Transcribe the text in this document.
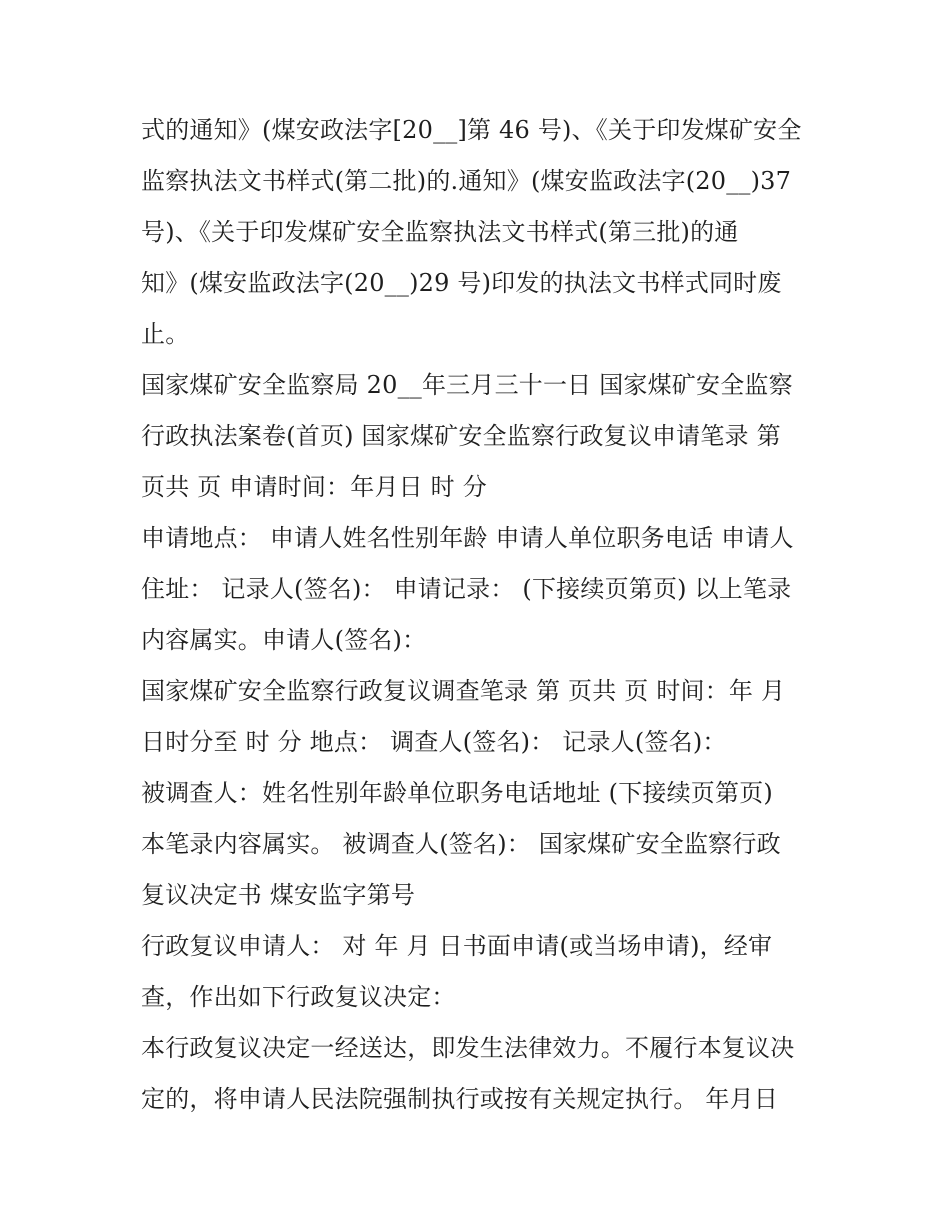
式的通知》(煤安政法字[20__]第 46 号)、《关于印发煤矿安全
监察执法文书样式(第二批)的.通知》(煤安监政法字(20__)37
号)、《关于印发煤矿安全监察执法文书样式(第三批)的通
知》(煤安监政法字(20__)29 号)印发的执法文书样式同时废
止。
国家煤矿安全监察局 20__年三月三十一日 国家煤矿安全监察
行政执法案卷(首页) 国家煤矿安全监察行政复议申请笔录 第
页共 页 申请时间：年月日 时 分
申请地点： 申请人姓名性别年龄 申请人单位职务电话 申请人
住址： 记录人(签名)： 申请记录： (下接续页第页) 以上笔录
内容属实。申请人(签名)：
国家煤矿安全监察行政复议调查笔录 第 页共 页 时间：年 月
日时分至 时 分 地点： 调查人(签名)： 记录人(签名)：
被调查人：姓名性别年龄单位职务电话地址 (下接续页第页)
本笔录内容属实。 被调查人(签名)： 国家煤矿安全监察行政
复议决定书 煤安监字第号
行政复议申请人： 对 年 月 日书面申请(或当场申请)，经审
查，作出如下行政复议决定：
本行政复议决定一经送达，即发生法律效力。不履行本复议决
定的，将申请人民法院强制执行或按有关规定执行。 年月日
